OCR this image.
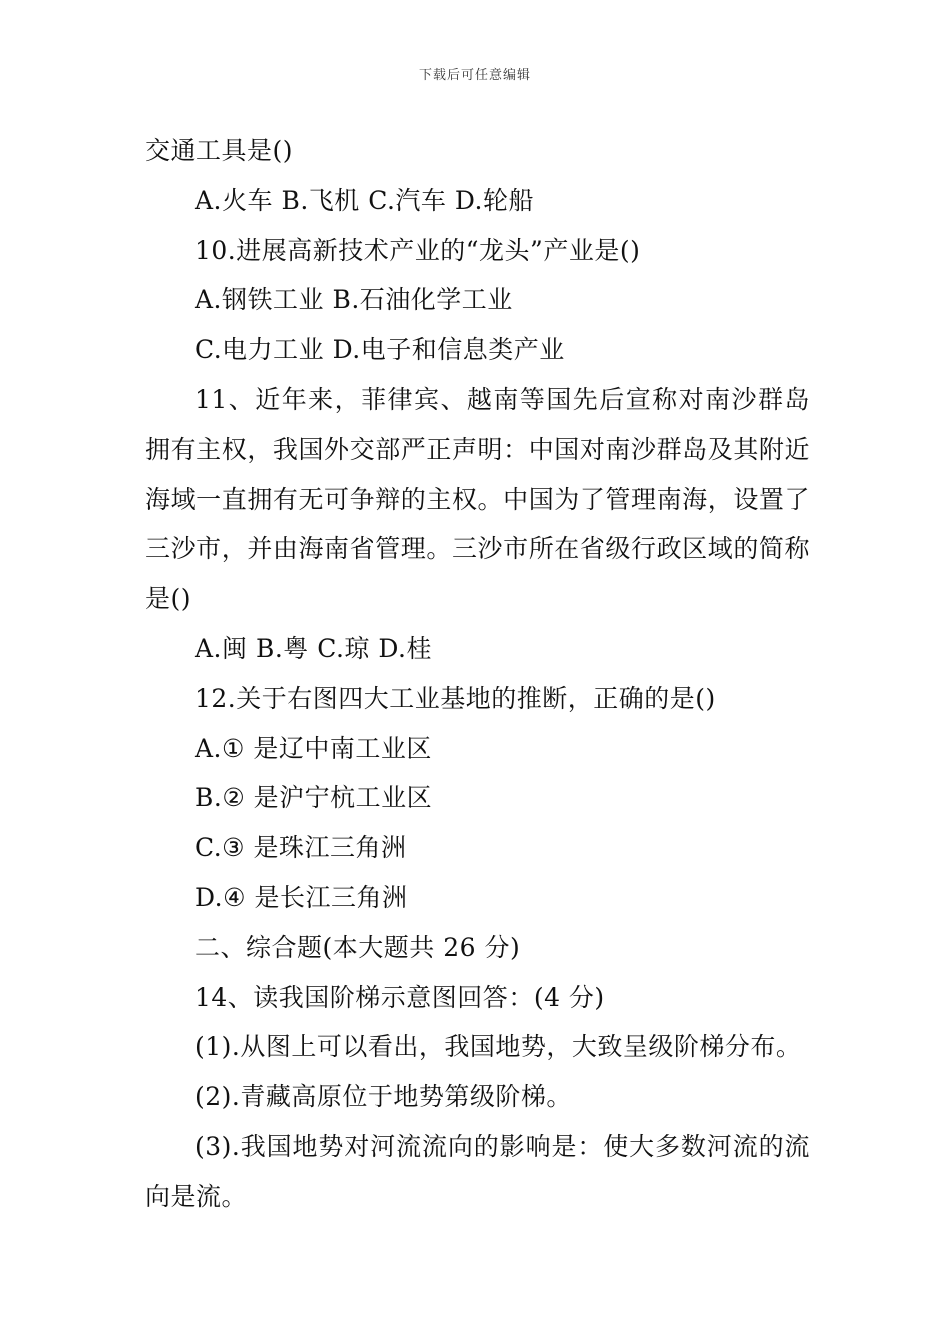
下载后可任意编辑

交通工具是()

A.火车 B.飞机 C.汽车 D.轮船

10.进展高新技术产业的“龙头”产业是()

A.钢铁工业 B.石油化学工业

C.电力工业 D.电子和信息类产业

11、近年来，菲律宾、越南等国先后宣称对南沙群岛拥有主权，我国外交部严正声明：中国对南沙群岛及其附近海域一直拥有无可争辩的主权。中国为了管理南海，设置了三沙市，并由海南省管理。三沙市所在省级行政区域的简称是()

A.闽 B.粤 C.琼 D.桂

12.关于右图四大工业基地的推断，正确的是()

A.① 是辽中南工业区

B.② 是沪宁杭工业区

C.③ 是珠江三角洲

D.④ 是长江三角洲

二、综合题(本大题共 26 分)

14、读我国阶梯示意图回答：(4 分)

(1).从图上可以看出，我国地势，大致呈级阶梯分布。

(2).青藏高原位于地势第级阶梯。

(3).我国地势对河流流向的影响是：使大多数河流的流向是流。
